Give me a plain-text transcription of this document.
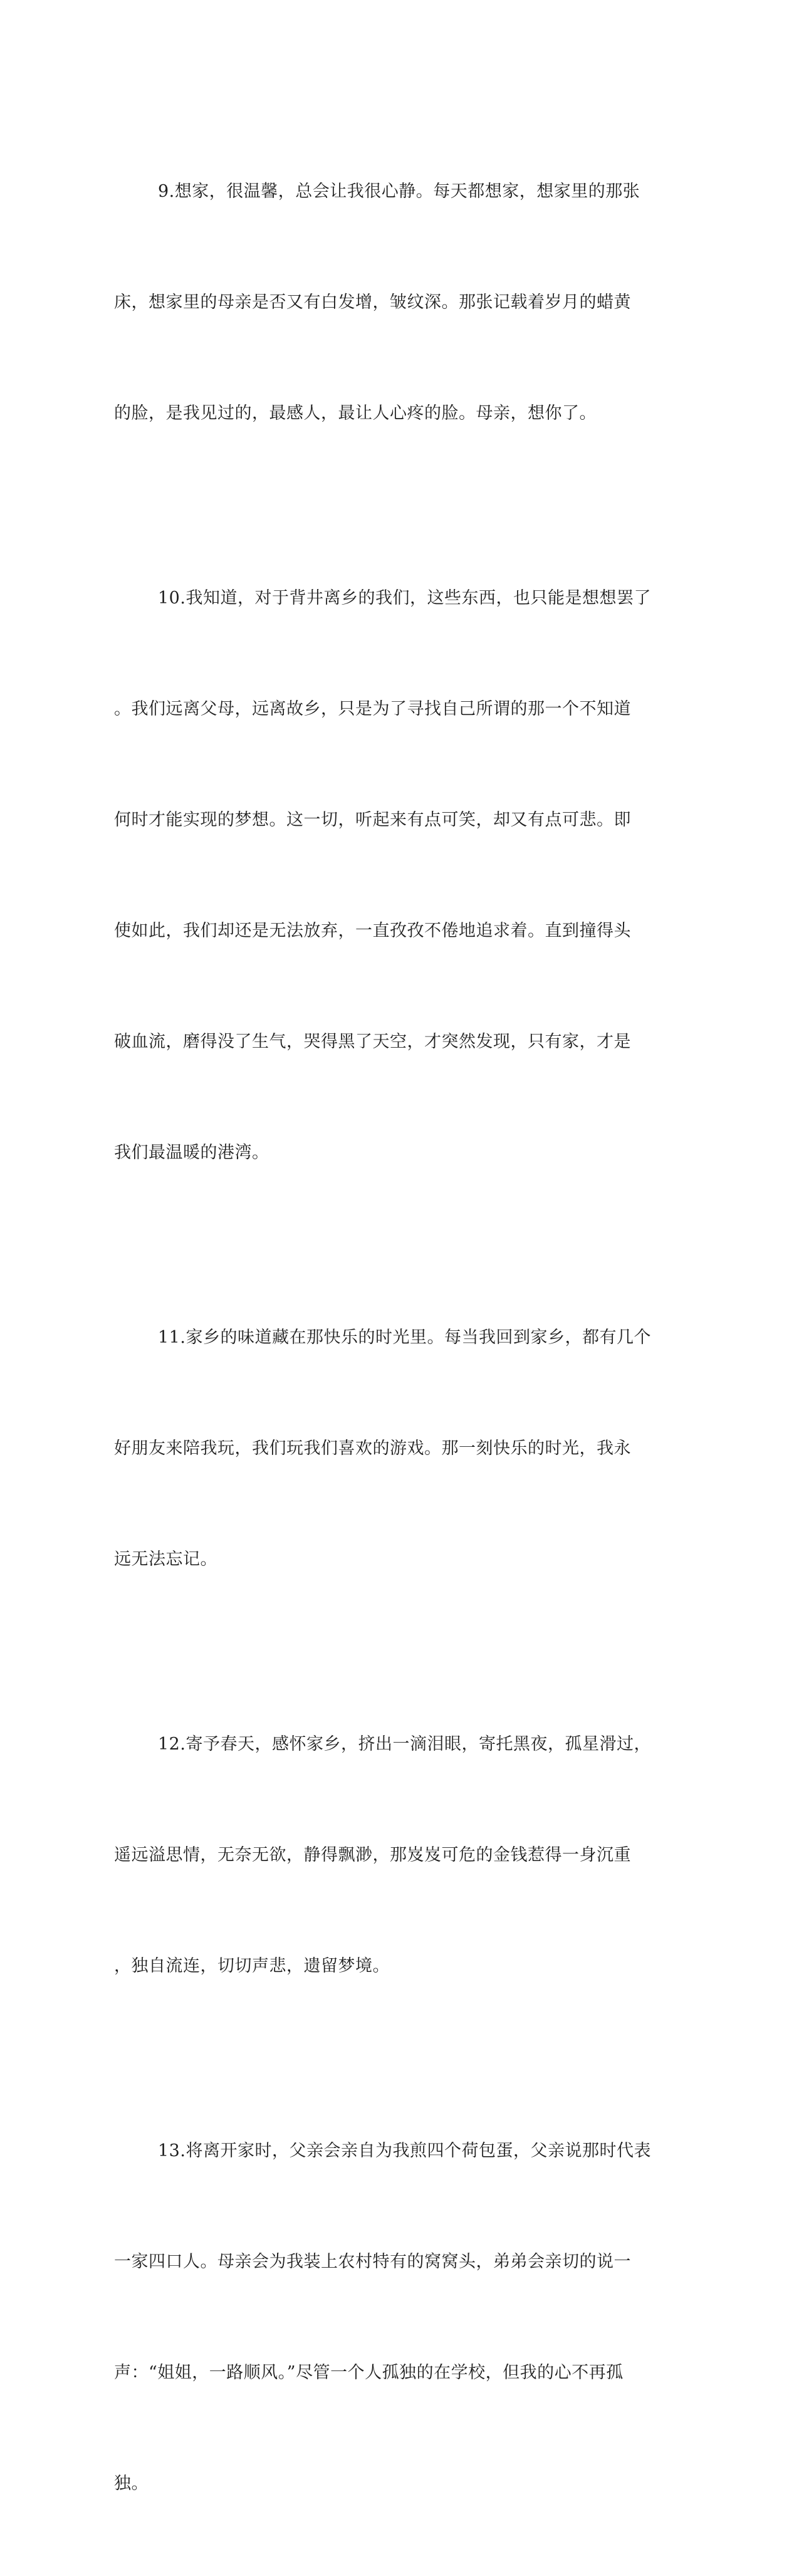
9.想家，很温馨，总会让我很心静。每天都想家，想家里的那张

床，想家里的母亲是否又有白发增，皱纹深。那张记载着岁月的蜡黄

的脸，是我见过的，最感人，最让人心疼的脸。母亲，想你了。

10.我知道，对于背井离乡的我们，这些东西，也只能是想想罢了

。我们远离父母，远离故乡，只是为了寻找自己所谓的那一个不知道

何时才能实现的梦想。这一切，听起来有点可笑，却又有点可悲。即

使如此，我们却还是无法放弃，一直孜孜不倦地追求着。直到撞得头

破血流，磨得没了生气，哭得黑了天空，才突然发现，只有家，才是

我们最温暖的港湾。

11.家乡的味道藏在那快乐的时光里。每当我回到家乡，都有几个

好朋友来陪我玩，我们玩我们喜欢的游戏。那一刻快乐的时光，我永

远无法忘记。

12.寄予春天，感怀家乡，挤出一滴泪眼，寄托黑夜，孤星滑过，

遥远溢思情，无奈无欲，静得飘渺，那岌岌可危的金钱惹得一身沉重

，独自流连，切切声悲，遗留梦境。

13.将离开家时，父亲会亲自为我煎四个荷包蛋，父亲说那时代表

一家四口人。母亲会为我装上农村特有的窝窝头，弟弟会亲切的说一

声：“姐姐，一路顺风。”尽管一个人孤独的在学校，但我的心不再孤

独。
